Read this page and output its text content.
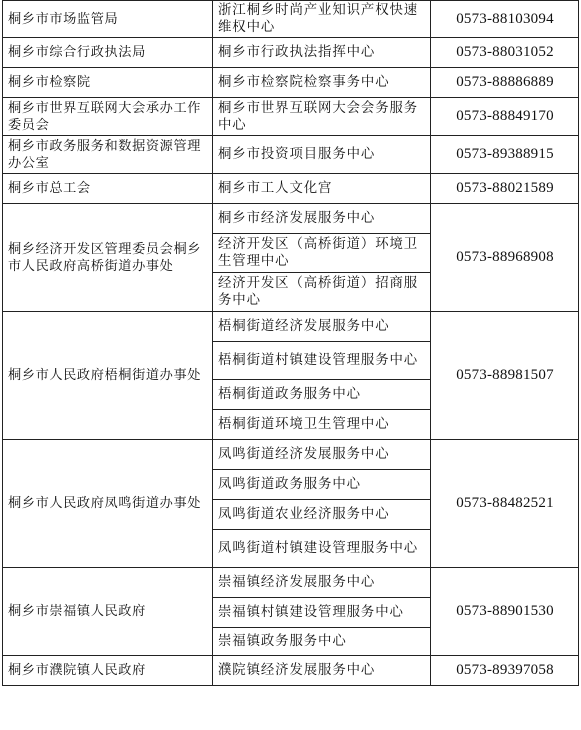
桐乡市市场监管局	浙江桐乡时尚产业知识产权快速维权中心	0573-88103094
桐乡市综合行政执法局	桐乡市行政执法指挥中心	0573-88031052
桐乡市检察院	桐乡市检察院检察事务中心	0573-88886889
桐乡市世界互联网大会承办工作委员会	桐乡市世界互联网大会会务服务中心	0573-88849170
桐乡市政务服务和数据资源管理办公室	桐乡市投资项目服务中心	0573-89388915
桐乡市总工会	桐乡市工人文化宫	0573-88021589
桐乡经济开发区管理委员会桐乡市人民政府高桥街道办事处	桐乡市经济发展服务中心	0573-88968908
	经济开发区（高桥街道）环境卫生管理中心	
	经济开发区（高桥街道）招商服务中心	
桐乡市人民政府梧桐街道办事处	梧桐街道经济发展服务中心	0573-88981507
	梧桐街道村镇建设管理服务中心	
	梧桐街道政务服务中心	
	梧桐街道环境卫生管理中心	
桐乡市人民政府凤鸣街道办事处	凤鸣街道经济发展服务中心	0573-88482521
	凤鸣街道政务服务中心	
	凤鸣街道农业经济服务中心	
	凤鸣街道村镇建设管理服务中心	
桐乡市崇福镇人民政府	崇福镇经济发展服务中心	0573-88901530
	崇福镇村镇建设管理服务中心	
	崇福镇政务服务中心	
桐乡市濮院镇人民政府	濮院镇经济发展服务中心	0573-89397058
